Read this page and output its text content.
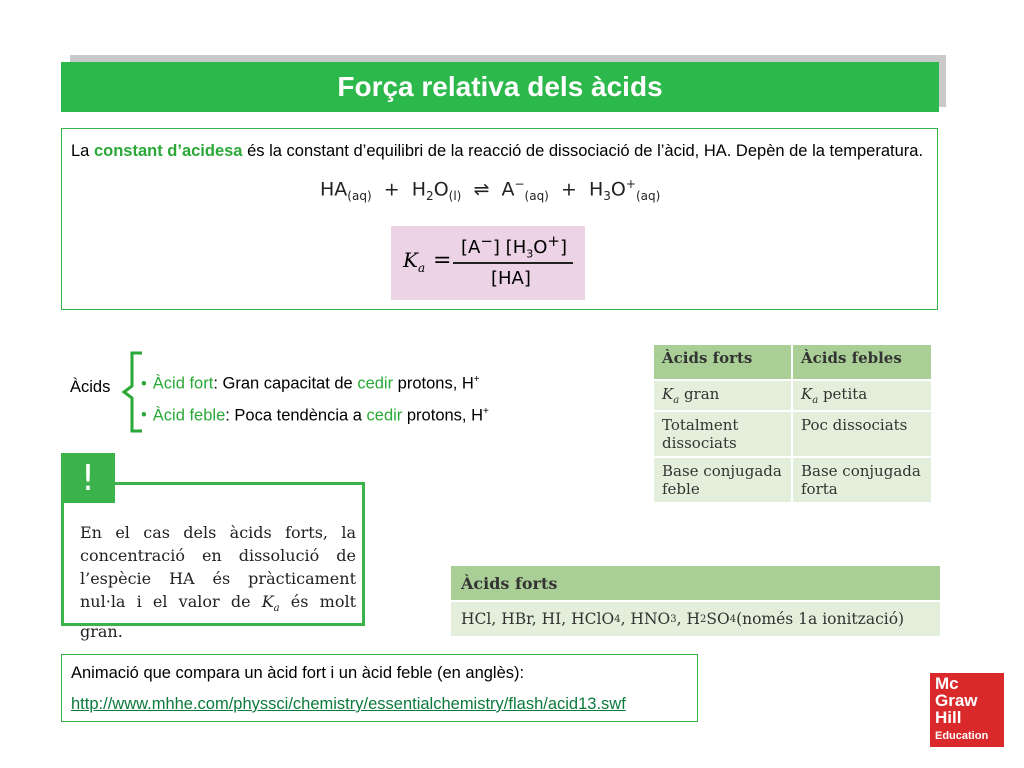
Força relativa dels àcids
La constant d’acidesa és la constant d’equilibri de la reacció de dissociació de l’àcid, HA. Depèn de la temperatura.
$HA_{(aq)} + H_2O_{(l)}$ ⇌ $A^-_{(aq)} + H_3O^+_{(aq)}$
$K_a$ =
[A−] $[H_3O^+]$
[HA]
Àcids • Àcid fort: Gran capacitat de cedir protons, H+
• Àcid feble: Poca tendència a cedir protons, H+
En el cas dels àcids forts, la concentració en dissolució de l’espècie HA és pràcticament nul·la i el valor de $K_a$ és molt gran.
!
Àcids forts	Àcids febles
$K_a$ gran	$K_a$ petita
Totalment dissociats	Poc dissociats
Base conjugada feble	Base conjugada forta
Àcids forts
HCl, HBr, HI, HClO 4 , HNO 3 , H 2 SO 4 (només 1a ionització)
Animació que compara un àcid fort i un àcid feble (en anglès):
http://www.mhhe.com/physsci/chemistry/essentialchemistry/flash/acid13.swf
Mc
Graw
Hill
Education
